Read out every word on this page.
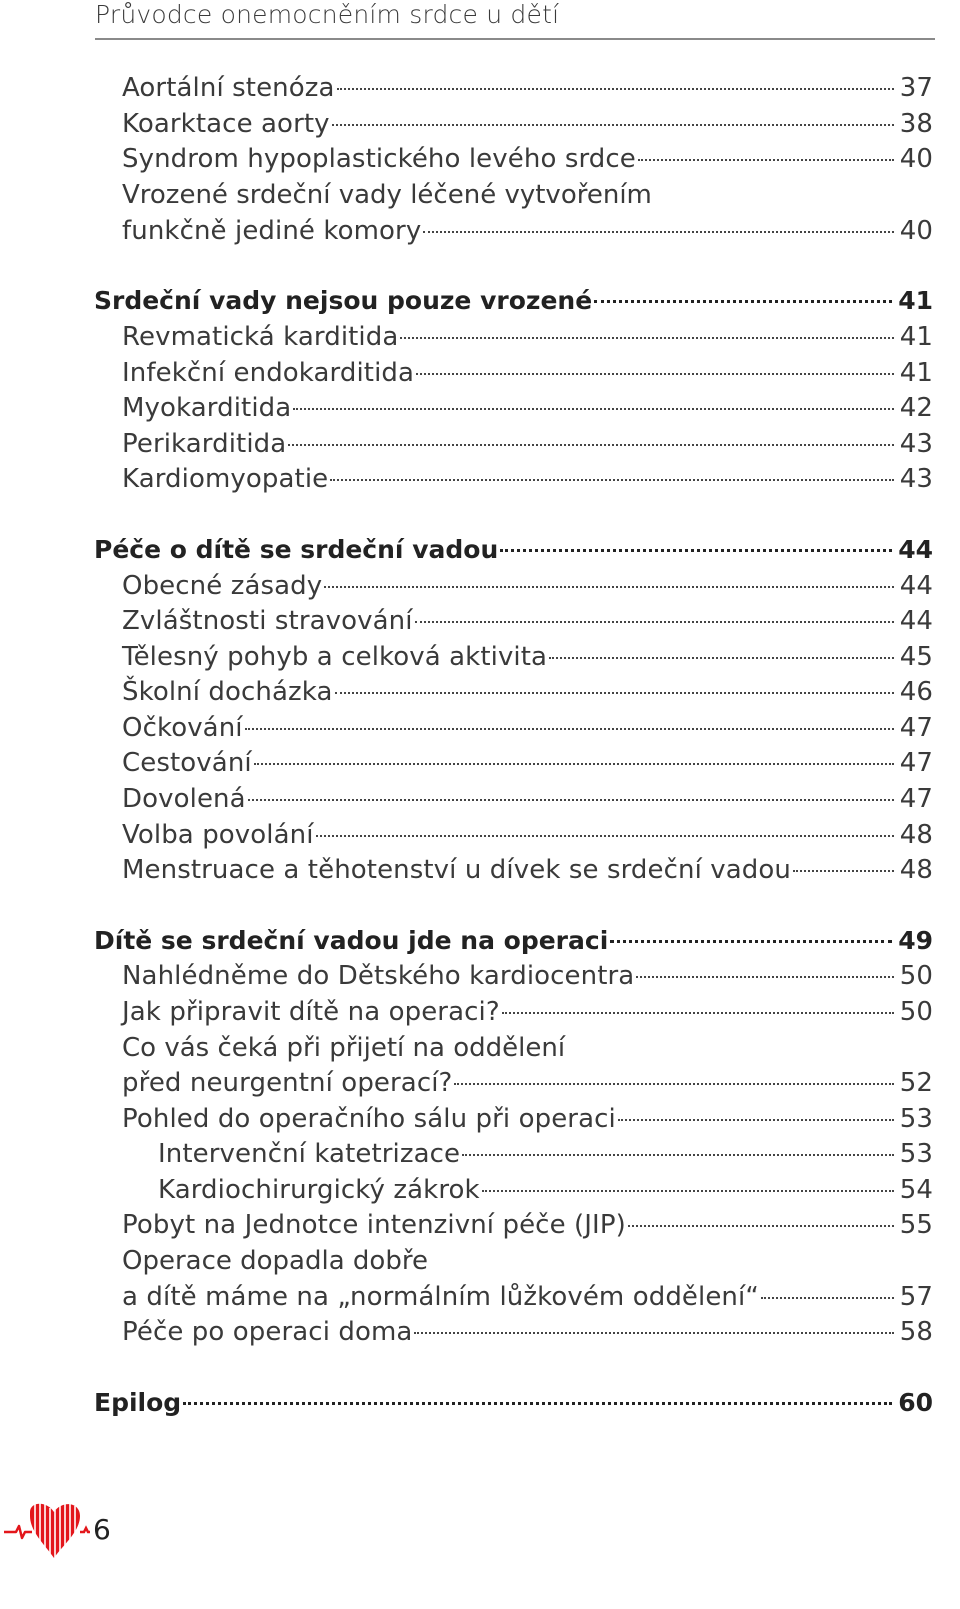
Průvodce onemocněním srdce u dětí
Aortální stenóza	37
Koarktace aorty	38
Syndrom hypoplastického levého srdce	40
Vrozené srdeční vady léčené vytvořením
funkčně jediné komory	40
Srdeční vady nejsou pouze vrozené	41
Revmatická karditida	41
Infekční endokarditida	41
Myokarditida	42
Perikarditida	43
Kardiomyopatie	43
Péče o dítě se srdeční vadou	44
Obecné zásady	44
Zvláštnosti stravování	44
Tělesný pohyb a celková aktivita	45
Školní docházka	46
Očkování	47
Cestování	47
Dovolená	47
Volba povolání	48
Menstruace a těhotenství u dívek se srdeční vadou	48
Dítě se srdeční vadou jde na operaci	49
Nahlédněme do Dětského kardiocentra	50
Jak připravit dítě na operaci?	50
Co vás čeká při přijetí na oddělení
před neurgentní operací?	52
Pohled do operačního sálu při operaci	53
Intervenční katetrizace	53
Kardiochirurgický zákrok	54
Pobyt na Jednotce intenzivní péče (JIP)	55
Operace dopadla dobře
a dítě máme na „normálním lůžkovém oddělení“	57
Péče po operaci doma	58
Epilog	60
6
